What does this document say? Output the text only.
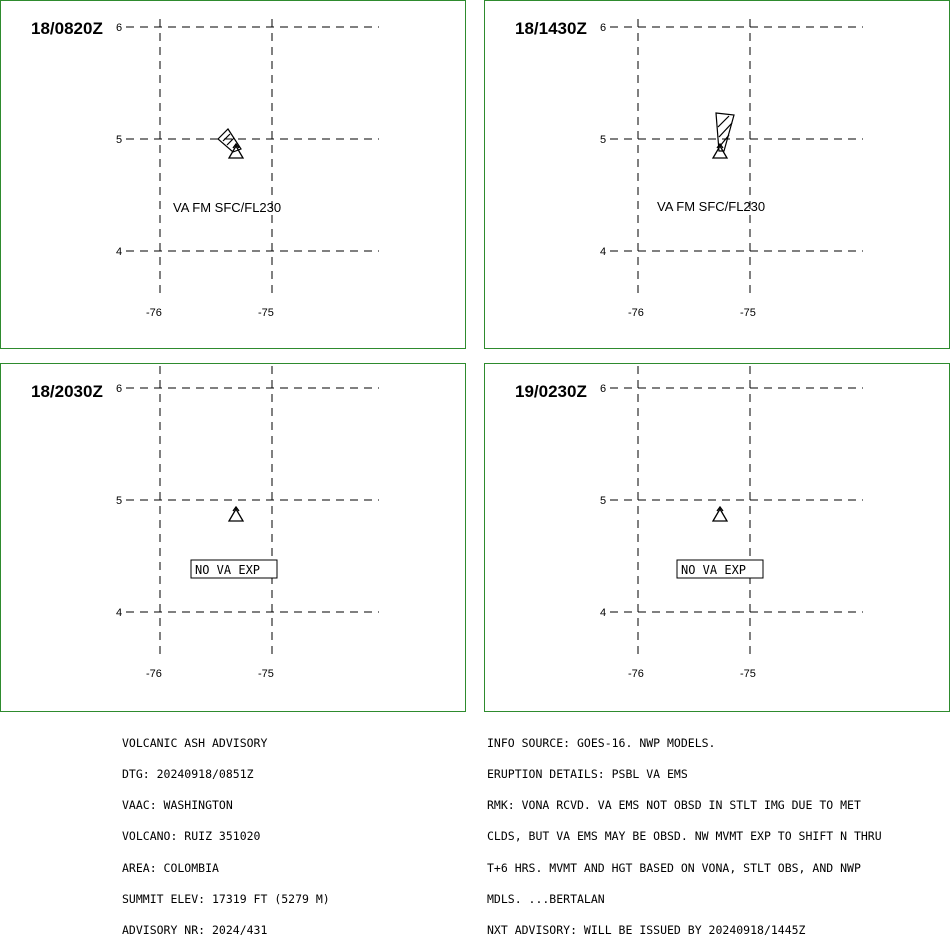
6
5
4
-76	-75
VA FM SFC/FL230
18/0820Z	6
5
4
-76	-75
VA FM SFC/FL230
18/1430Z
6
5
4
-76	-75
NO VA EXP
18/2030Z	6
5
4
-76	-75
NO VA EXP
19/0230Z

VOLCANIC ASH ADVISORY

DTG: 20240918/0851Z

VAAC: WASHINGTON

VOLCANO: RUIZ 351020

AREA: COLOMBIA

SUMMIT ELEV: 17319 FT (5279 M)

ADVISORY NR: 2024/431

INFO SOURCE: GOES-16. NWP MODELS.

ERUPTION DETAILS: PSBL VA EMS

RMK: VONA RCVD. VA EMS NOT OBSD IN STLT IMG DUE TO MET

CLDS, BUT VA EMS MAY BE OBSD. NW MVMT EXP TO SHIFT N THRU

T+6 HRS. MVMT AND HGT BASED ON VONA, STLT OBS, AND NWP

MDLS. ...BERTALAN

NXT ADVISORY: WILL BE ISSUED BY 20240918/1445Z
